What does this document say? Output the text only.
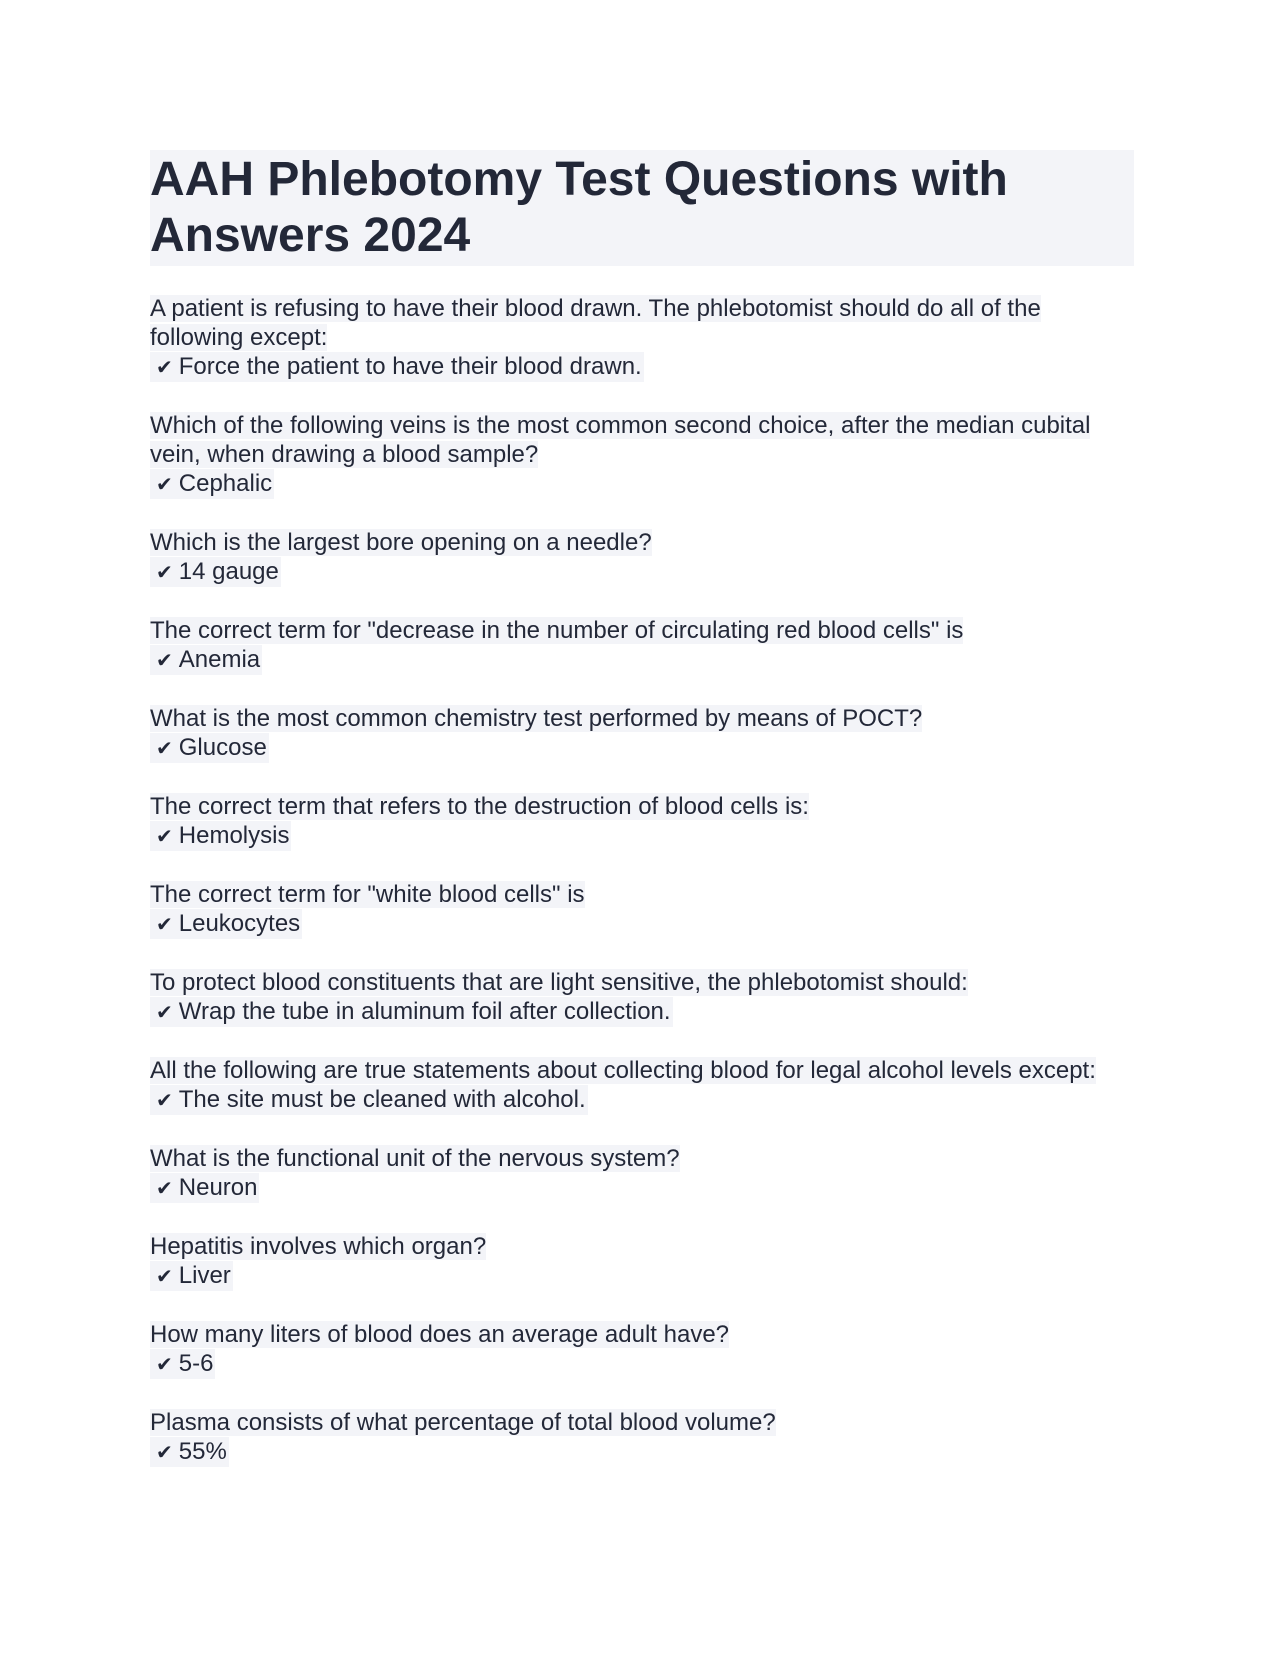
AAH Phlebotomy Test Questions with Answers 2024
A patient is refusing to have their blood drawn. The phlebotomist should do all of the following except:
✔ Force the patient to have their blood drawn.
Which of the following veins is the most common second choice, after the median cubital vein, when drawing a blood sample?
✔ Cephalic
Which is the largest bore opening on a needle?
✔ 14 gauge
The correct term for "decrease in the number of circulating red blood cells" is
✔ Anemia
What is the most common chemistry test performed by means of POCT?
✔ Glucose
The correct term that refers to the destruction of blood cells is:
✔ Hemolysis
The correct term for "white blood cells" is
✔ Leukocytes
To protect blood constituents that are light sensitive, the phlebotomist should:
✔ Wrap the tube in aluminum foil after collection.
All the following are true statements about collecting blood for legal alcohol levels except:
✔ The site must be cleaned with alcohol.
What is the functional unit of the nervous system?
✔ Neuron
Hepatitis involves which organ?
✔ Liver
How many liters of blood does an average adult have?
✔ 5-6
Plasma consists of what percentage of total blood volume?
✔ 55%
